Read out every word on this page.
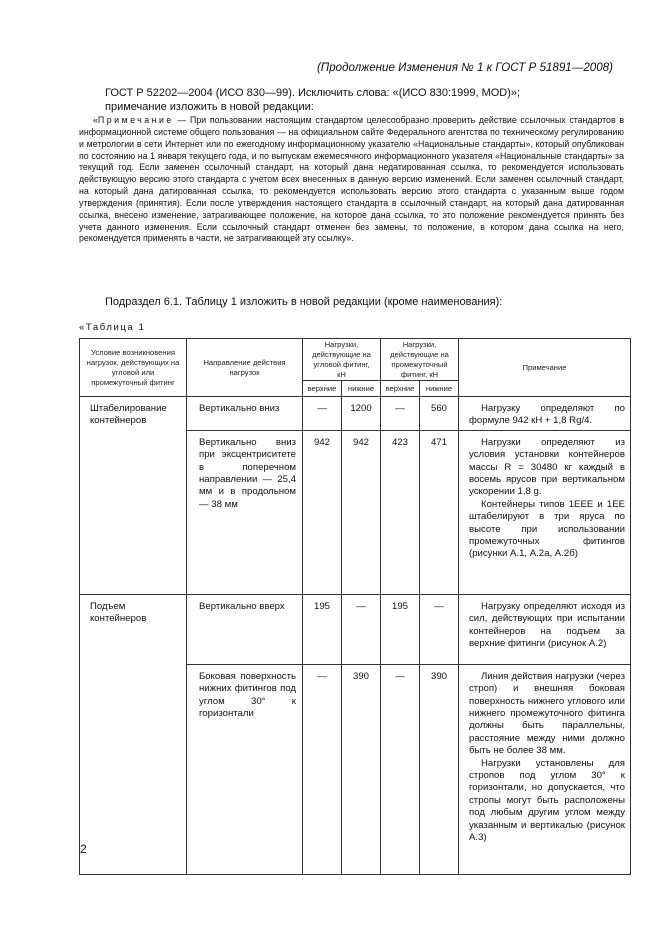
(Продолжение Изменения № 1 к ГОСТ Р 51891—2008)
ГОСТ Р 52202—2004 (ИСО 830—99). Исключить слова: «(ИСО 830:1999, MOD)»;
примечание изложить в новой редакции:
«Примечание — При пользовании настоящим стандартом целесообразно проверить действие ссылочных стандартов в информационной системе общего пользования — на официальном сайте Федерального агентства по техническому регулированию и метрологии в сети Интернет или по ежегодному информационному указателю «Национальные стандарты», который опубликован по состоянию на 1 января текущего года, и по выпускам ежемесячного информационного указателя «Национальные стандарты» за текущий год. Если заменен ссылочный стандарт, на который дана недатированная ссылка, то рекомендуется использовать действующую версию этого стандарта с учетом всех внесенных в данную версию изменений. Если заменен ссылочный стандарт, на который дана датированная ссылка, то рекомендуется использовать версию этого стандарта с указанным выше годом утверждения (принятия). Если после утверждения настоящего стандарта в ссылочный стандарт, на который дана датированная ссылка, внесено изменение, затрагивающее положение, на которое дана ссылка, то это положение рекомендуется принять без учета данного изменения. Если ссылочный стандарт отменен без замены, то положение, в котором дана ссылка на него, рекомендуется применять в части, не затрагивающей эту ссылку».
Подраздел 6.1. Таблицу 1 изложить в новой редакции (кроме наименования):
«Таблица 1
Условие возникновения нагрузок, действующих на угловой или промежуточный фитинг	Направление действия нагрузок	Нагрузки, действующие на угловой фитинг, кН		Нагрузки, действующие на промежуточный фитинг, кН		Примечание
		верхние	нижние	верхние	нижние	
Штабелирование контейнеров	Вертикально вниз	—	1200	—	560	Нагрузку определяют по формуле 942 кН + 1,8 Rg/4.

	Вертикально вниз при эксцентриситете в поперечном направлении — 25,4 мм и в продольном — 38 мм	942	942	423	471	Нагрузки определяют из условия установки контейнеров массы R = 30480 кг каждый в восемь ярусов при вертикальном ускорении 1,8 g.

Контейнеры типов 1EEE и 1EE штабелируют в три яруса по высоте при использовании промежуточных фитингов (рисунки А.1, А.2а, А.2б)

Подъем контейнеров	Вертикально вверх	195	—	195	—	Нагрузку определяют исходя из сил, действующих при испытании контейнеров на подъем за верхние фитинги (рисунок А.2)

	Боковая поверхность нижних фитингов под углом 30° к горизонтали	—	390	—	390	Линия действия нагрузки (через строп) и внешняя боковая поверхность нижнего углового или нижнего промежуточного фитинга должны быть параллельны, расстояние между ними должно быть не более 38 мм.

Нагрузки установлены для стропов под углом 30° к горизонтали, но допускается, что стропы могут быть расположены под любым другим углом между указанным и вертикалью (рисунок А.3)

2
